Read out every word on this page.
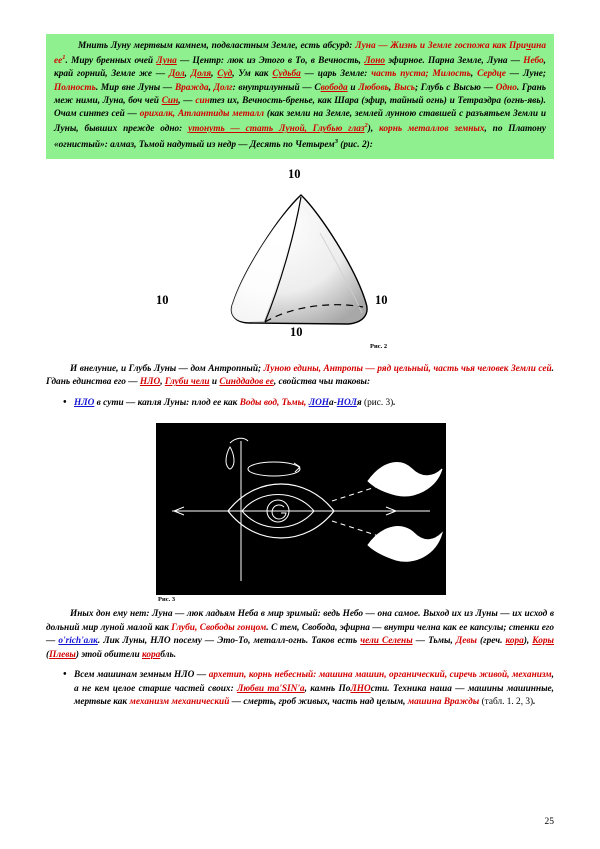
Мнить Луну мертвым камнем, подвластным Земле, есть абсурд: Луна — Жизнь и Земле госпожа как Причина $ее^1$. Миру бренных очей Луна — Центр: люк из Этого в То, в Вечность, Лоно эфирное. Парна Земле, Луна — Небо, край горний, Земле же — Дол, Доля, Суд, Ум как Судьба — царь Земле: часть пуста; Милость, Сердце — Луне; Полность. Мир вне Луны — Вражда, Долг: внутрилунный — Свобода и Любовь, Высь; Глубь с Высью — Одно. Грань меж ними, Луна, боч чей Син, — синтез их, Вечность-бренье, как Шара (эфир, тайный огнь) и Тетраэдра (огнь-явь). Очам синтез сей — орихалк, Атлантиды металл (как земли на Земле, землей лунною ставшей с разъятьем Земли и Луны, бывших прежде одно: утонуть — стать Луной, Глубью глаз$^2$), корнь металлов земных, по Платону «огнистый»: алмаз, Тьмой надутый из недр — Десять по Четырем$^3$ (рис. 2):
10
10	10
10
Рис. 2

И внелуние, и Глубь Луны — дом Антропный; Луною едины, Антропы — ряд цельный, часть чья человек Земли сей. Гдань единства его — НЛО, Глуби чели и Синддадов ее, свойства чьи таковы:

• НЛО в сути — капля Луны: плод ее как Воды вод, Тьмы, ЛОНа-НОЛя (рис. 3).
Рис. 3

Иных дон ему нет: Луна — люк ладьям Неба в мир зримый: ведь Небо — она самое. Выход их из Луны — их исход в дольний мир луной малой как Глуби, Свободы гонцом. С тем, Свобода, эфирна — внутри челна как ее капсулы; стенки его — o'rich'алк. Лик Луны, НЛО посему — Это-То, металл-огнь. Таков есть чели Селены — Тьмы, Девы (греч. кора), Коры (Плевы) этой обители корабль.

• Всем машинам земным НЛО — архетип, корнь небесный: машина машин, органический, сиречь живой, механизм, а не кем целое старше частей своих: Любви ma'SIN'а, камнь ПоЛНОсти. Техника наша — машины машинные, мертвые как механизм механический — смерть, гроб живых, часть над целым, машина Вражды (табл. 1. 2, 3).
25
